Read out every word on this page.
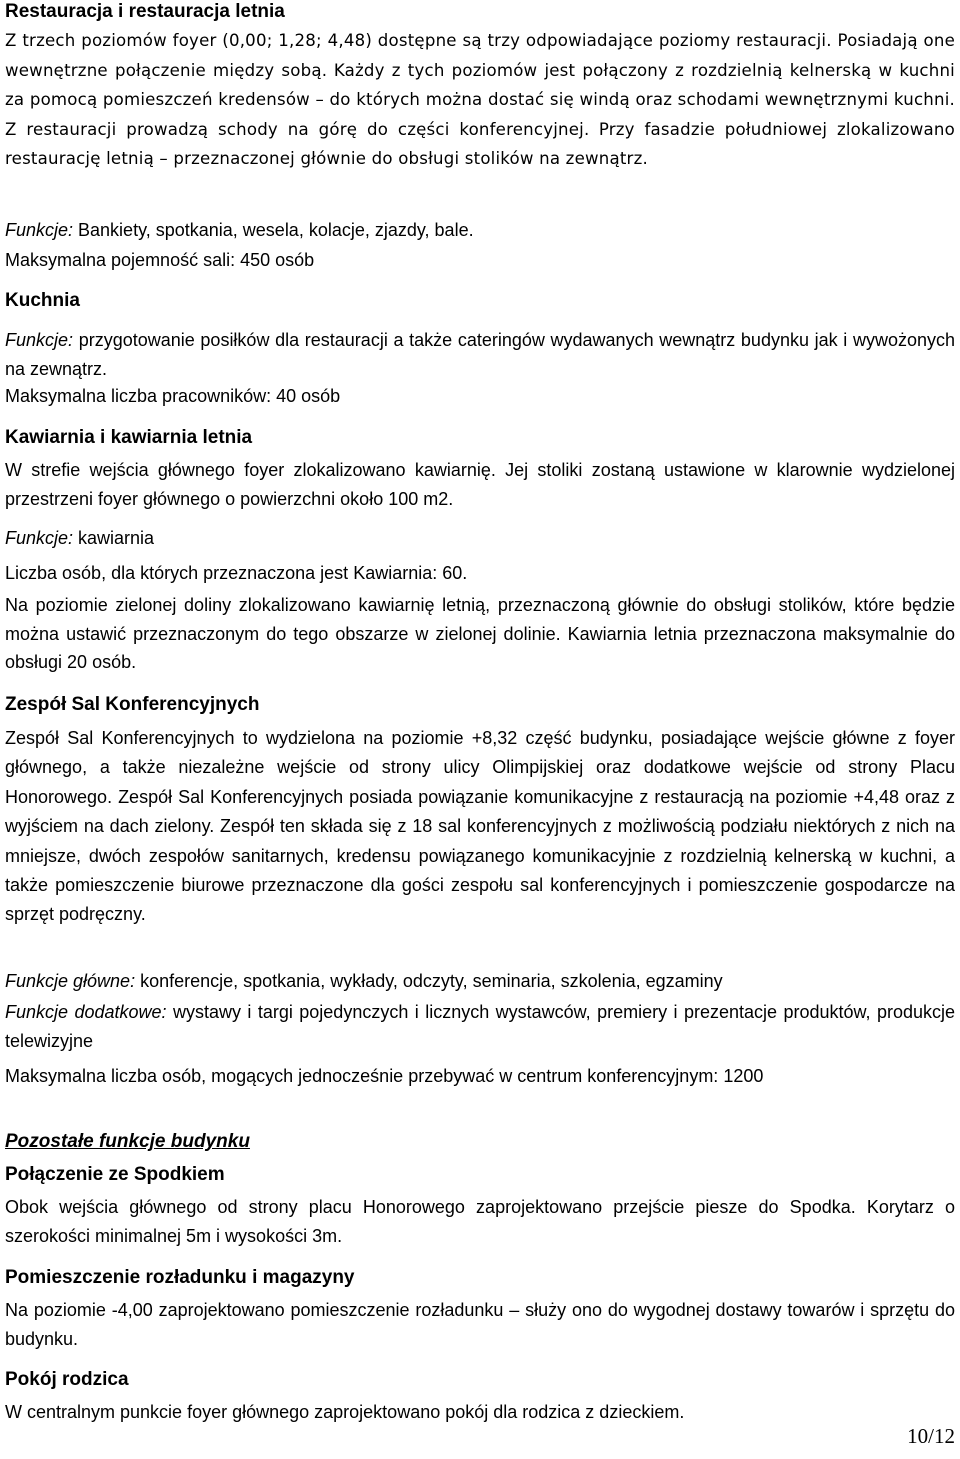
Restauracja i restauracja letnia

Z trzech poziomów foyer (0,00; 1,28; 4,48) dostępne są trzy odpowiadające poziomy restauracji. Posiadają one wewnętrzne połączenie między sobą. Każdy z tych poziomów jest połączony z rozdzielnią kelnerską w kuchni za pomocą pomieszczeń kredensów – do których można dostać się windą oraz schodami wewnętrznymi kuchni. Z restauracji prowadzą schody na górę do części konferencyjnej. Przy fasadzie południowej zlokalizowano restaurację letnią – przeznaczonej głównie do obsługi stolików na zewnątrz.

Funkcje: Bankiety, spotkania, wesela, kolacje, zjazdy, bale.

Maksymalna pojemność sali: 450 osób

Kuchnia

Funkcje: przygotowanie posiłków dla restauracji a także cateringów wydawanych wewnątrz budynku jak i wywożonych na zewnątrz.

Maksymalna liczba pracowników: 40 osób

Kawiarnia i kawiarnia letnia

W strefie wejścia głównego foyer zlokalizowano kawiarnię. Jej stoliki zostaną ustawione w klarownie wydzielonej przestrzeni foyer głównego o powierzchni około 100 m2.

Funkcje: kawiarnia

Liczba osób, dla których przeznaczona jest Kawiarnia: 60.

Na poziomie zielonej doliny zlokalizowano kawiarnię letnią, przeznaczoną głównie do obsługi stolików, które będzie można ustawić przeznaczonym do tego obszarze w zielonej dolinie. Kawiarnia letnia przeznaczona maksymalnie do obsługi 20 osób.

Zespół Sal Konferencyjnych

Zespół Sal Konferencyjnych to wydzielona na poziomie +8,32 część budynku, posiadające wejście główne z foyer głównego, a także niezależne wejście od strony ulicy Olimpijskiej oraz dodatkowe wejście od strony Placu Honorowego. Zespół Sal Konferencyjnych posiada powiązanie komunikacyjne z restauracją na poziomie +4,48 oraz z wyjściem na dach zielony. Zespół ten składa się z 18 sal konferencyjnych z możliwością podziału niektórych z nich na mniejsze, dwóch zespołów sanitarnych, kredensu powiązanego komunikacyjnie z rozdzielnią kelnerską w kuchni, a także pomieszczenie biurowe przeznaczone dla gości zespołu sal konferencyjnych i pomieszczenie gospodarcze na sprzęt podręczny.

Funkcje główne: konferencje, spotkania, wykłady, odczyty, seminaria, szkolenia, egzaminy

Funkcje dodatkowe: wystawy i targi pojedynczych i licznych wystawców, premiery i prezentacje produktów, produkcje telewizyjne

Maksymalna liczba osób, mogących jednocześnie przebywać w centrum konferencyjnym: 1200

Pozostałe funkcje budynku

Połączenie ze Spodkiem

Obok wejścia głównego od strony placu Honorowego zaprojektowano przejście piesze do Spodka. Korytarz o szerokości minimalnej 5m i wysokości 3m.

Pomieszczenie rozładunku i magazyny

Na poziomie -4,00 zaprojektowano pomieszczenie rozładunku – służy ono do wygodnej dostawy towarów i sprzętu do budynku.

Pokój rodzica

W centralnym punkcie foyer głównego zaprojektowano pokój dla rodzica z dzieckiem.

10/12
